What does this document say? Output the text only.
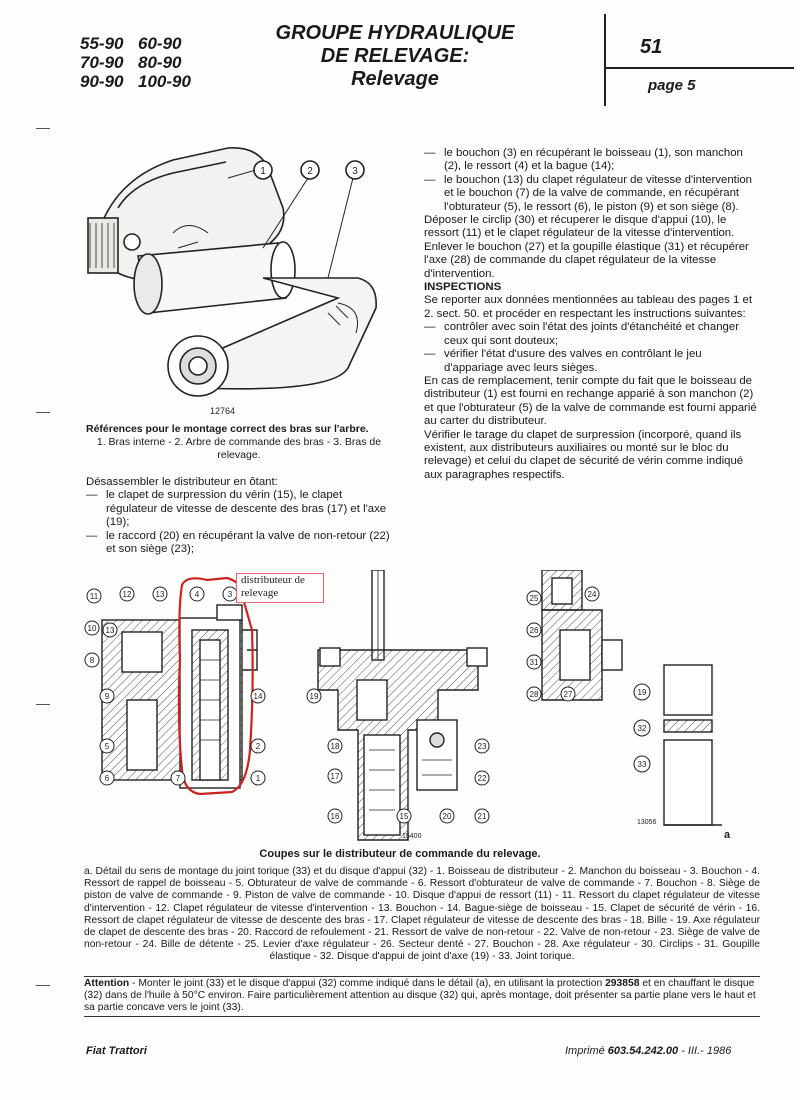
55-90 60-90
70-90 80-90
90-90 100-90
GROUPE HYDRAULIQUE
DE RELEVAGE:
Relevage
51
page 5
1	2	3
12764
Références pour le montage correct des bras sur l'arbre.
1. Bras interne - 2. Arbre de commande des bras - 3. Bras de relevage.
Désassembler le distributeur en ôtant:
— le clapet de surpression du vérin (15), le clapet régulateur de vitesse de descente des bras (17) et l'axe (19);
— le raccord (20) en récupérant la valve de non-retour (22) et son siège (23);
— le bouchon (3) en récupérant le boisseau (1), son manchon (2), le ressort (4) et la bague (14);
— le bouchon (13) du clapet régulateur de vitesse d'intervention et le bouchon (7) de la valve de commande, en récupérant l'obturateur (5), le ressort (6), le piston (9) et son siège (8).
Déposer le circlip (30) et récuperer le disque d'appui (10), le ressort (11) et le clapet régulateur de la vitesse d'intervention.
Enlever le bouchon (27) et la goupille élastique (31) et récupérer l'axe (28) de commande du clapet régulateur de la vitesse d'intervention.
INSPECTIONS
Se reporter aux données mentionnées au tableau des pages 1 et 2. sect. 50. et procéder en respectant les instructions suivantes:
— contrôler avec soin l'état des joints d'étanchéité et changer ceux qui sont douteux;
— vérifier l'état d'usure des valves en contrôlant le jeu d'appariage avec leurs sièges.
En cas de remplacement, tenir compte du fait que le boisseau de distributeur (1) est fourni en rechange apparié à son manchon (2) et que l'obturateur (5) de la valve de commande est fourni apparié au carter du distributeur.
Vérifier le tarage du clapet de surpression (incorporé, quand ils existent, aux distributeurs auxiliaires ou monté sur le bloc du relevage) et celui du clapet de sécurité de vérin comme indiqué aux paragraphes respectifs.
11	12	13	4	3
10 13
8
9	14
5	2
6	7	1
19
18
17
16	15	20	21
22
23
25	24
26
31
28	27	19
32
33
15400
13056
a
distributeur de
relevage
Coupes sur le distributeur de commande du relevage.
a. Détail du sens de montage du joint torique (33) et du disque d'appui (32) - 1. Boisseau de distributeur - 2. Manchon du boisseau - 3. Bouchon - 4. Ressort de rappel de boisseau - 5. Obturateur de valve de commande - 6. Ressort d'obturateur de valve de commande - 7. Bouchon - 8. Siège de piston de valve de commande - 9. Piston de valve de commande - 10. Disque d'appui de ressort (11) - 11. Ressort du clapet régulateur de vitesse d'intervention - 12. Clapet régulateur de vitesse d'intervention - 13. Bouchon - 14. Bague-siège de boisseau - 15. Clapet de sécurité de vérin - 16. Ressort de clapet régulateur de vitesse de descente des bras - 17. Clapet régulateur de vitesse de descente des bras - 18. Bille - 19. Axe régulateur de clapet de descente des bras - 20. Raccord de refoulement - 21. Ressort de valve de non-retour - 22. Valve de non-retour - 23. Siège de valve de non-retour - 24. Bille de détente - 25. Levier d'axe régulateur - 26. Secteur denté - 27. Bouchon - 28. Axe régulateur - 30. Circlips - 31. Goupille élastique - 32. Disque d'appui de joint d'axe (19) - 33. Joint torique.
Attention - Monter le joint (33) et le disque d'appui (32) comme indiqué dans le détail (a), en utilisant la protection 293858 et en chauffant le disque (32) dans de l'huile à 50°C environ. Faire particulièrement attention au disque (32) qui, après montage, doit présenter sa partie plane vers le haut et sa partie concave vers le joint (33).
Fiat Trattori	Imprimé 603.54.242.00 - III.- 1986
